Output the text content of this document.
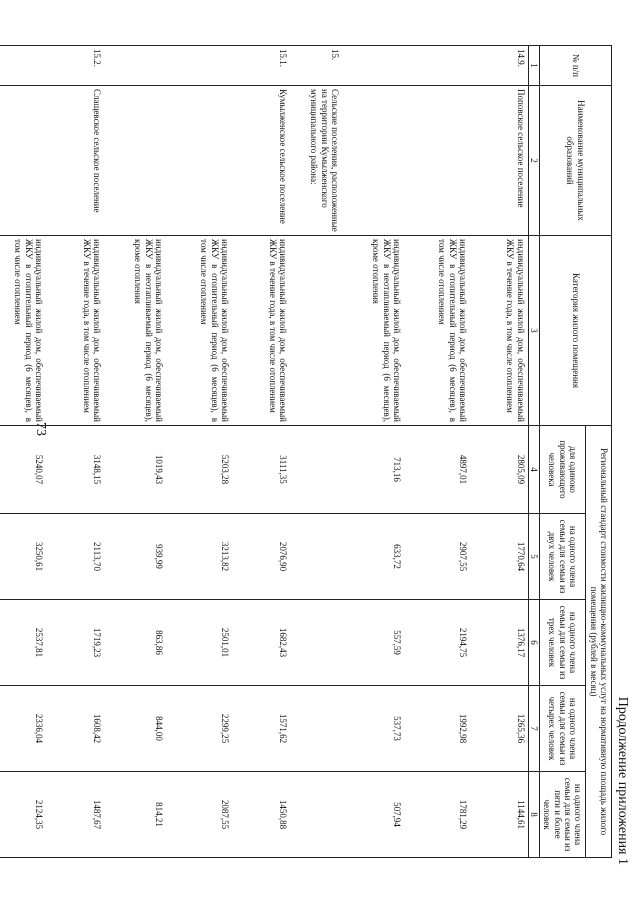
73
Продолжение приложения 1
№ п/п	Наименование муниципальных образований	Категория жилого помещения	Региональный стандарт стоимости жилищно-коммунальных услуг на нормативную площадь жилого помещения (рублей в месяц)				
			для одиноко проживающего человека	на одного члена семьи для семьи из двух человек	на одного члена семьи для семьи из трех человек	на одного члена семьи для семьи из четырех человек	на одного члена семьи для семьи из пяти и более человек
1	2	3	4	5	6	7	8
14.9.	Поповское сельское поселение	индивидуальный жилой дом, обеспечиваемый ЖКУ в течение года, в том числе отоплением	2805,09	1770,64	1376,17	1265,36	1144,61
		индивидуальный жилой дом, обеспечиваемый ЖКУ в отопительный период (6 месяцев), в том числе отоплением	4897,01	2907,55	2194,75	1992,98	1781,29
		индивидуальный жилой дом, обеспечиваемый ЖКУ в неотапливаемый период (6 месяцев), кроме отопления	713,16	633,72	557,59	537,73	507,94
15.	Сельские поселения, расположенные на территории Кумылженского муниципального района:						
15.1.	Кумылженское сельское поселение	индивидуальный жилой дом, обеспечиваемый ЖКУ в течение года, в том числе отоплением	3111,35	2076,90	1682,43	1571,62	1450,88
		индивидуальный жилой дом, обеспечиваемый ЖКУ в отопительный период (6 месяцев), в том числе отоплением	5203,28	3213,82	2501,01	2299,25	2087,55
		индивидуальный жилой дом, обеспечиваемый ЖКУ в неотапливаемый период (6 месяцев), кроме отопления	1019,43	939,99	863,86	844,00	814,21
15.2.	Слащевское сельское поселение	индивидуальный жилой дом, обеспечиваемый ЖКУ в течение года, в том числе отоплением	3148,15	2113,70	1719,23	1608,42	1487,67
		индивидуальный жилой дом, обеспечиваемый ЖКУ в отопительный период (6 месяцев), в том числе отоплением	5240,07	3250,61	2537,81	2336,04	2124,35
